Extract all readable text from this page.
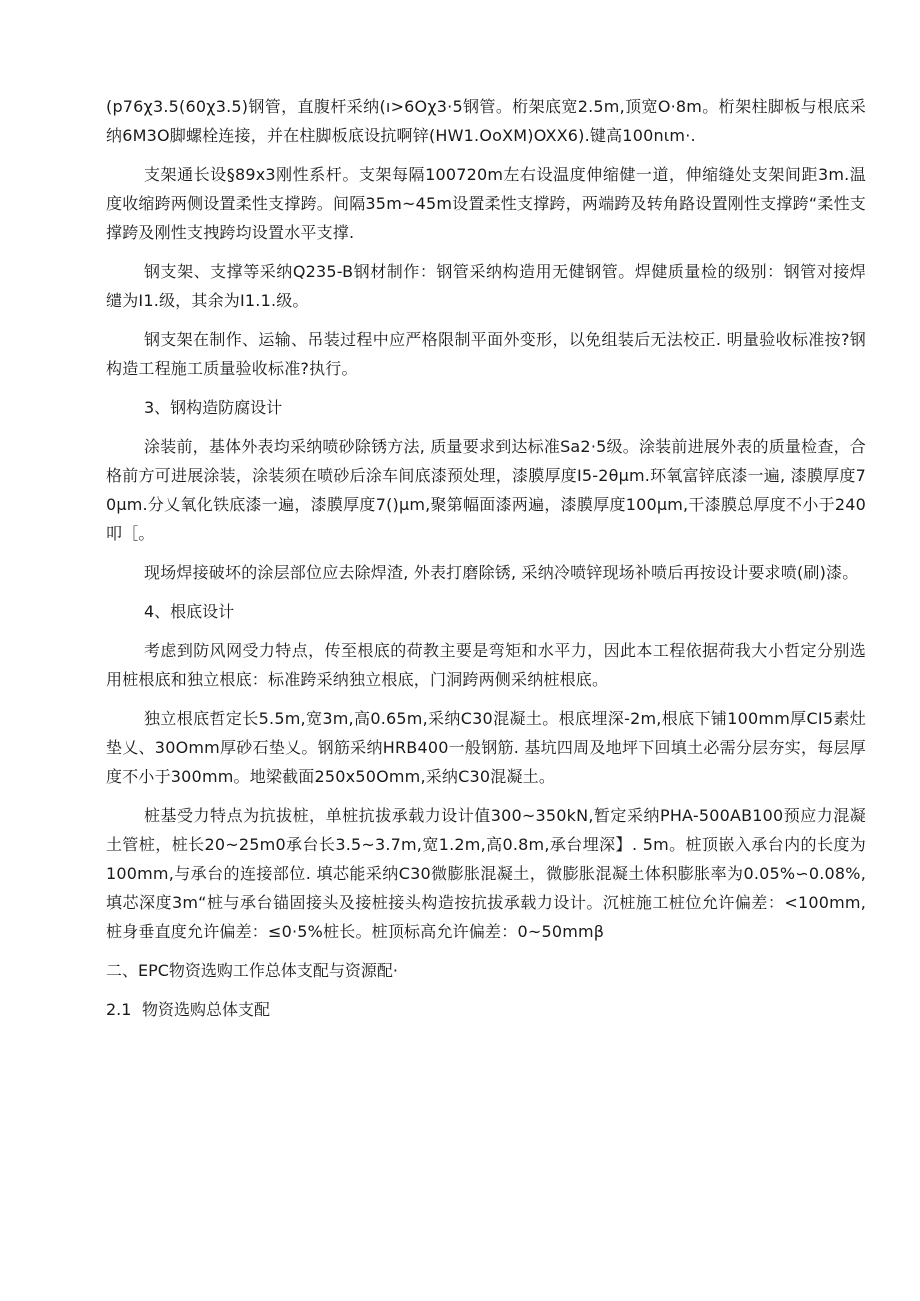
(p76χ3.5(60χ3.5)钢管，直腹杆采纳(ı>6Oχ3·5钢管。桁架底宽2.5m,顶宽O·8m。桁架柱脚板与根底采纳6M3O脚螺栓连接，并在柱脚板底设抗啊锌(HW1.OoXM)OXX6).键高100nιm·.

支架通长设§89x3刚性系杆。支架每隔100720m左右设温度伸缩健一道，伸缩缝处支架间距3m.温度收缩跨两侧设置柔性支撑跨。间隔35m~45m设置柔性支撑跨，两端跨及转角路设置刚性支撑跨“柔性支撑跨及刚性支拽跨均设置水平支撑.

钢支架、支撑等采纳Q235-B钢材制作：钢管采纳构造用无健钢管。焊健质量检的级别：钢管对接焊缱为I1.级，其余为I1.1.级。

钢支架在制作、运输、吊装过程中应严格限制平面外变形，以免组装后无法校正. 明量验收标准按?钢构造工程施工质量验收标准?执行。

3、钢构造防腐设计

涂装前，基体外表均采纳喷砂除锈方法, 质量要求到达标准Sa2·5级。涂装前进展外表的质量检查，合格前方可进展涂装，涂装须在喷砂后涂车间底漆预处理，漆膜厚度I5-2θμm.环氧富锌底漆一遍, 漆膜厚度70μm.分乂氧化铁底漆一遍，漆膜厚度7()μm,聚第幅面漆两遍，漆膜厚度100μm,干漆膜总厚度不小于240叩［。

现场焊接破坏的涂层部位应去除焊渣, 外表打磨除锈, 采纳冷喷锌现场补喷后再按设计要求喷(刷)漆。

4、根底设计

考虑到防风网受力特点，传至根底的荷教主要是弯矩和水平力，因此本工程依据荷我大小哲定分别选用桩根底和独立根底：标准跨采纳独立根底，门洞跨两侧采纳桩根底。

独立根底哲定长5.5m,宽3m,高0.65m,采纳C30混凝土。根底埋深-2m,根底下铺100mm厚CI5素灶垫乂、30Omm厚砂石垫乂。钢筋采纳HRB400一般钢筋. 基坑四周及地坪下回填土必需分层夯实，每层厚度不小于300mm。地梁截面250x50Omm,采纳C30混凝土。

桩基受力特点为抗拔桩，单桩抗拔承载力设计值300~350kN,暂定采纳PHA-500AB100预应力混凝土管桩，桩长20~25m0承台长3.5~3.7m,宽1.2m,高0.8m,承台埋深】. 5m。桩顶嵌入承台内的长度为100mm,与承台的连接部位. 填芯能采纳C30微膨胀混凝土，微膨胀混凝土体积膨胀率为0.05%∽0.08%,填芯深度3m“桩与承台锚固接头及接桩接头构造按抗拔承载力设计。沉桩施工桩位允许偏差：<100mm,桩身垂直度允许偏差：≤0·5%桩长。桩顶标高允许偏差：0~50mmβ

二、EPC物资选购工作总体支配与资源配·

2.1 物资选购总体支配
